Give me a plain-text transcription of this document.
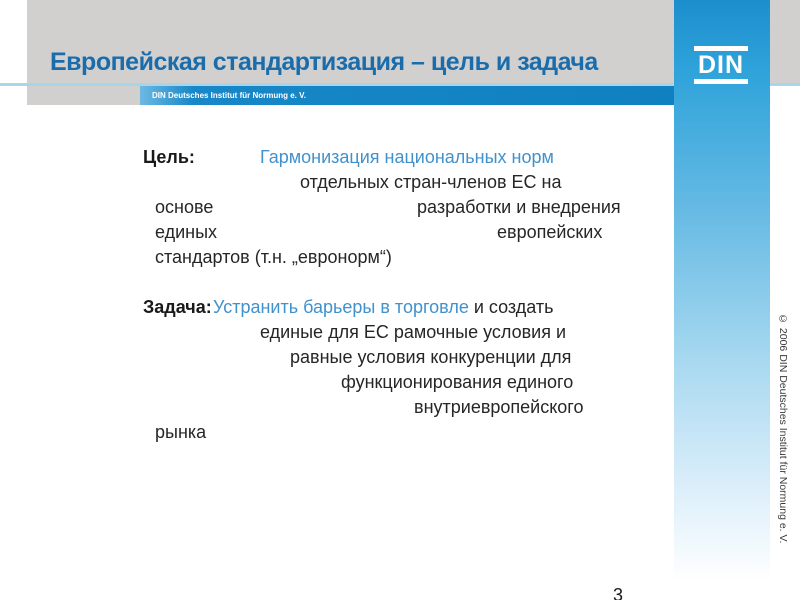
Европейская стандартизация – цель и задача
DIN Deutsches Institut für Normung e. V.
DIN
© 2006 DIN Deutsches Institut für Normung e. V.
3
Цель:	Гармонизация национальных норм
отдельных стран-членов ЕС на
основе	разработки и внедрения
единых	европейских
стандартов (т.н. „евронорм“)
Задача: Устранить барьеры в торговле и создать
единые для ЕС рамочные условия и
равные условия конкуренции для
функционирования единого
внутриевропейского
рынка
